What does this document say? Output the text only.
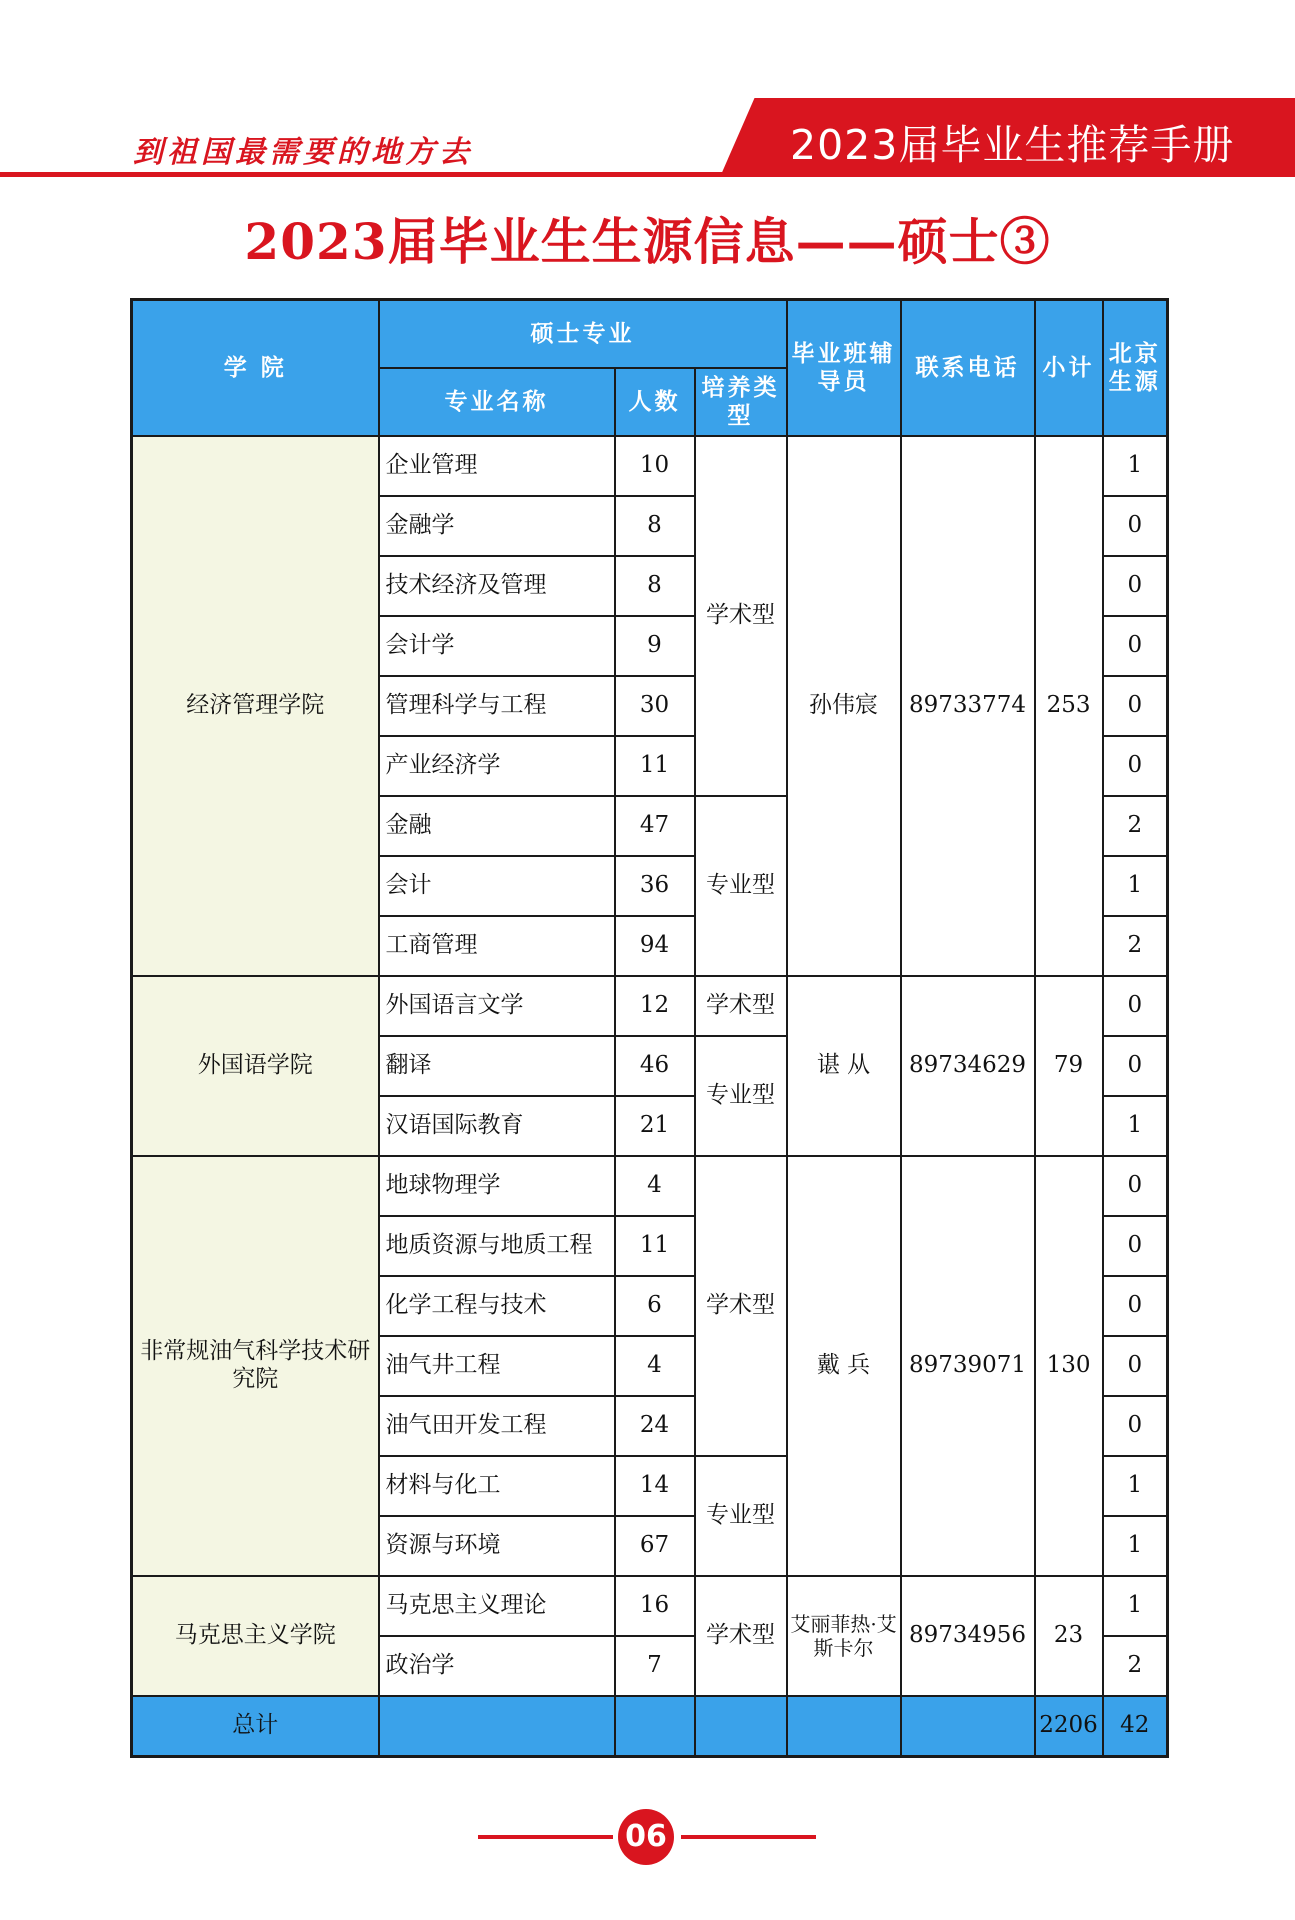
2023届毕业生推荐手册
到祖国最需要的地方去
2023届毕业生生源信息——硕士③
学 院	硕士专业			毕业班辅导员	联系电话	小计	北京生源
	专业名称	人数	培养类型				
经济管理学院	企业管理	10	学术型	孙伟宸	89733774	253	1
	金融学	8					0
	技术经济及管理	8					0
	会计学	9					0
	管理科学与工程	30					0
	产业经济学	11					0
	金融	47	专业型				2
	会计	36					1
	工商管理	94					2
外国语学院	外国语言文学	12	学术型	谌 从	89734629	79	0
	翻译	46	专业型				0
	汉语国际教育	21					1
非常规油气科学技术研究院	地球物理学	4	学术型	戴 兵	89739071	130	0
	地质资源与地质工程	11					0
	化学工程与技术	6					0
	油气井工程	4					0
	油气田开发工程	24					0
	材料与化工	14	专业型				1
	资源与环境	67					1
马克思主义学院	马克思主义理论	16	学术型	艾丽菲热·艾斯卡尔	89734956	23	1
	政治学	7					2
总计						2206	42
06
